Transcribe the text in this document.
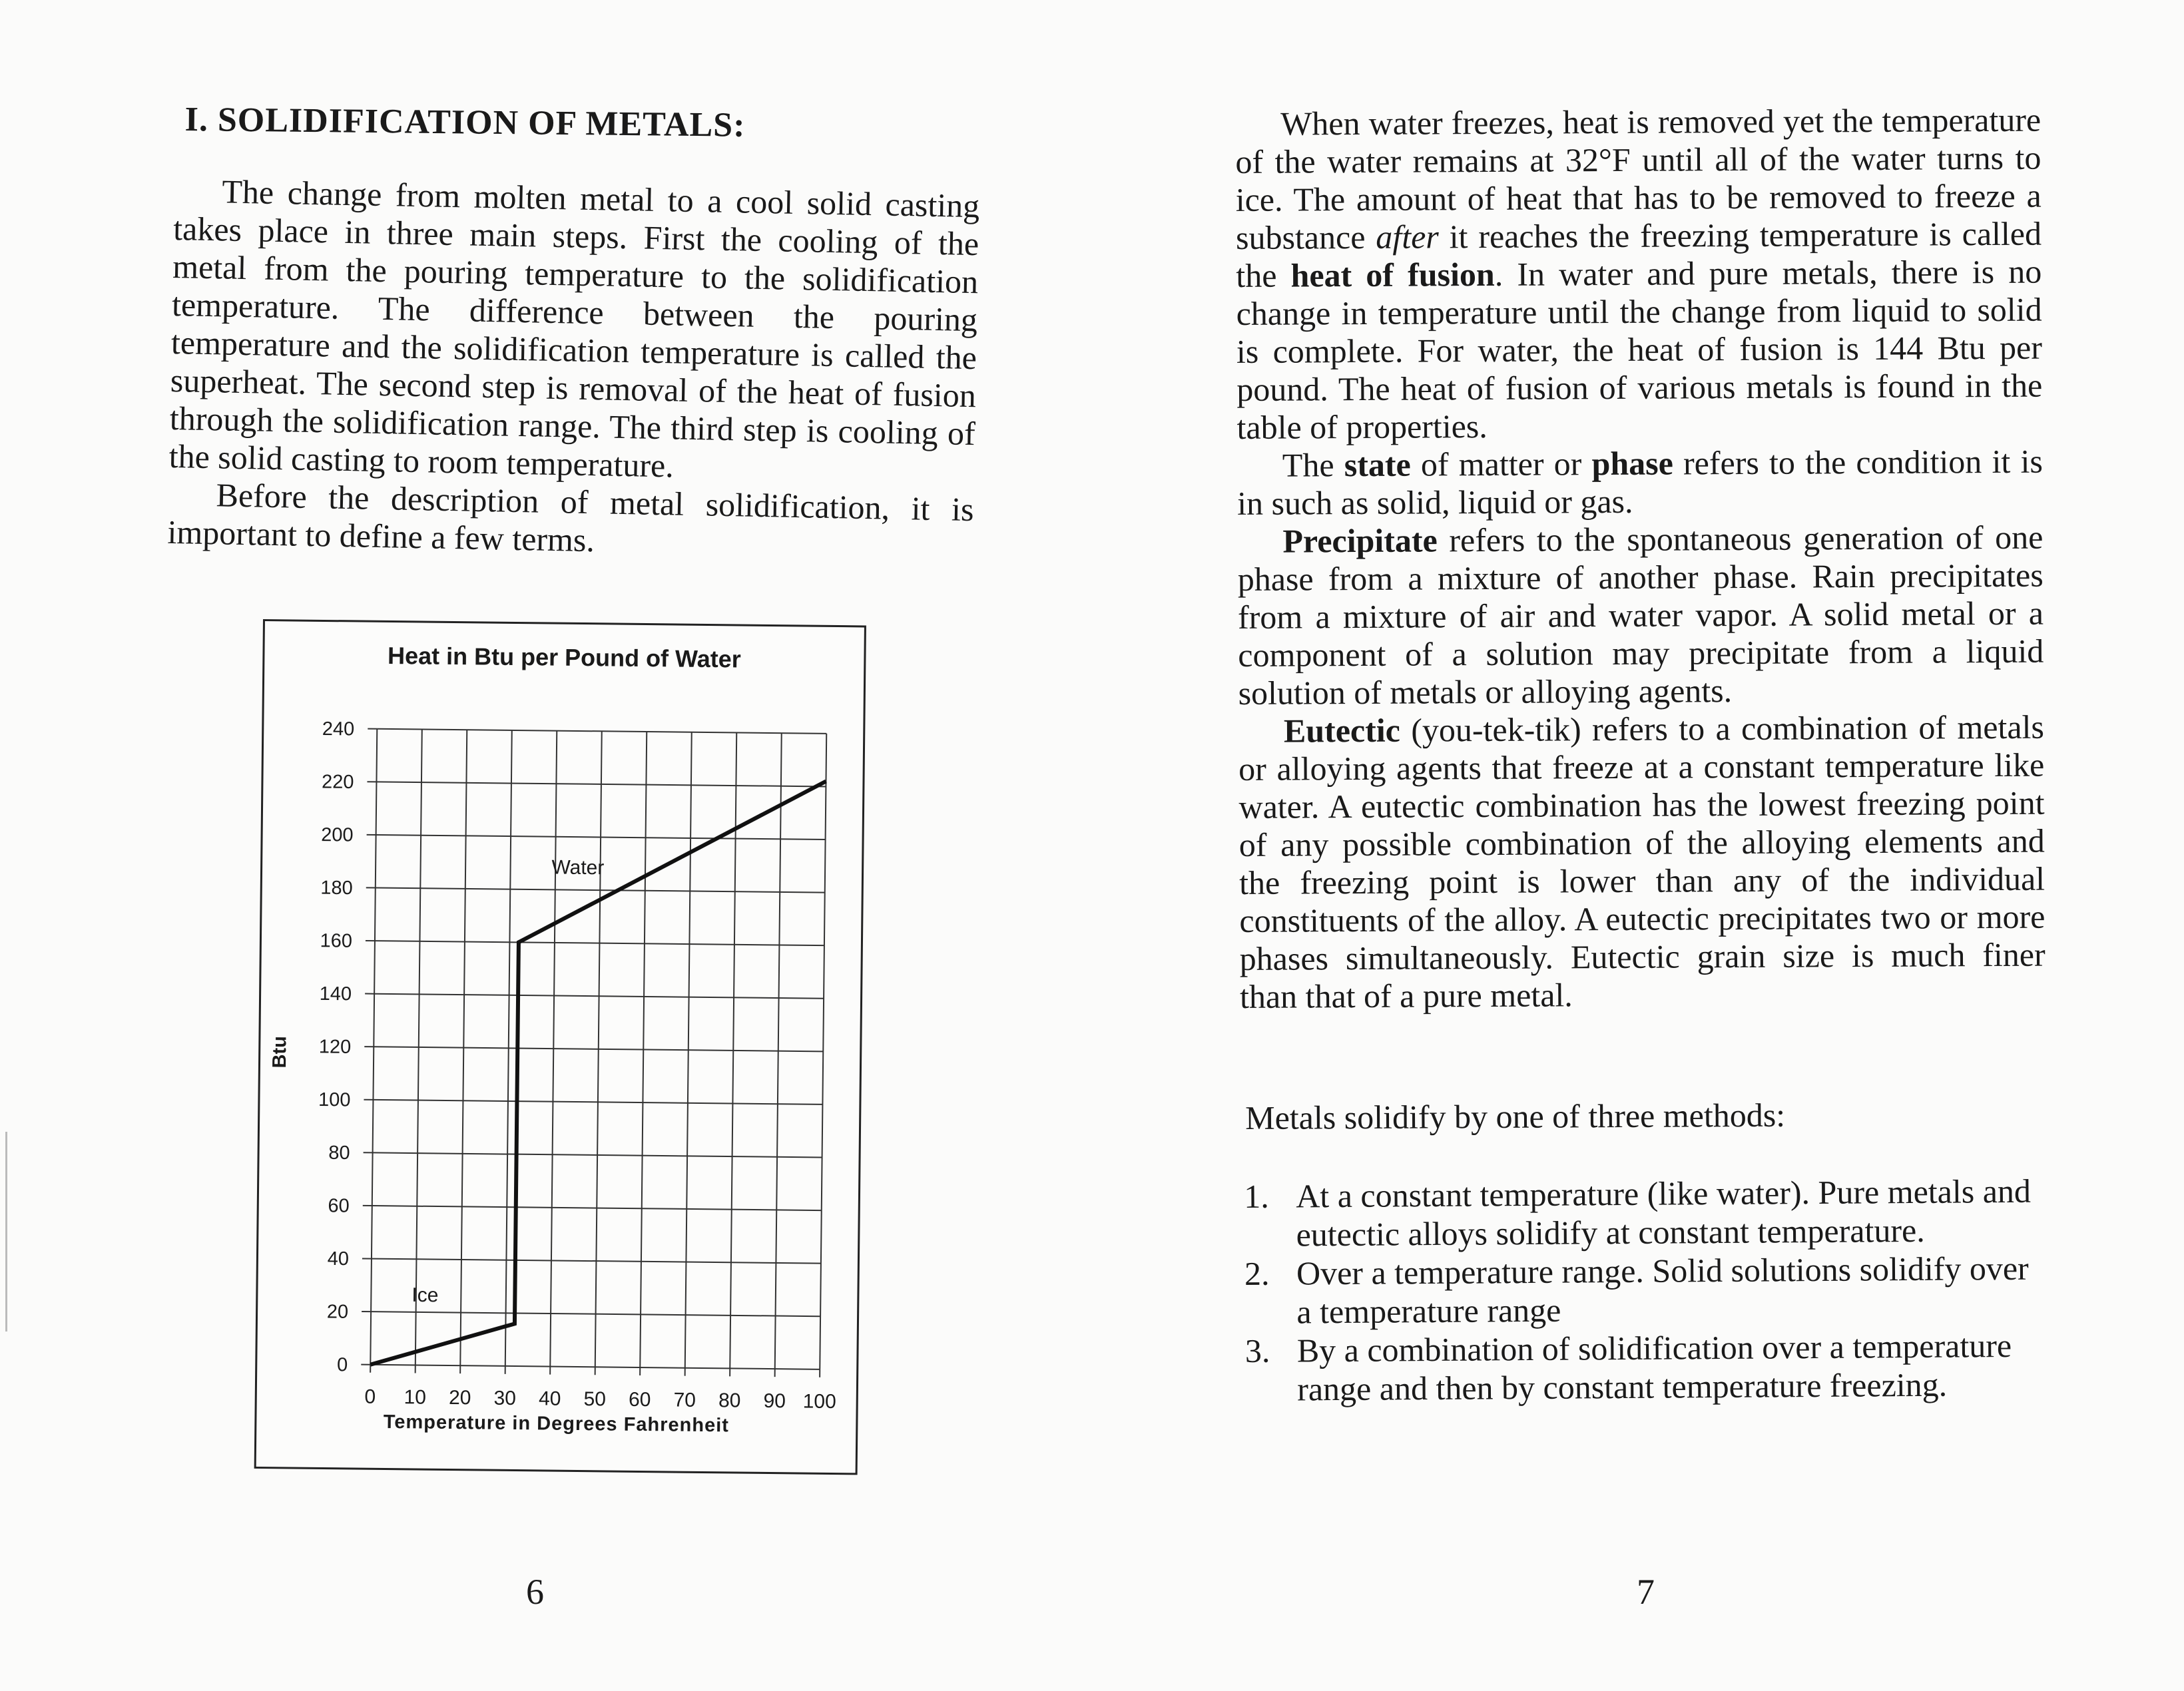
I. SOLIDIFICATION OF METALS:

The change from molten metal to a cool solid casting takes place in three main steps. First the cooling of the metal from the pouring temperature to the solidification temperature. The difference between the pouring temperature and the solidification temperature is called the superheat. The second step is removal of the heat of fusion through the solidification range. The third step is cooling of the solid casting to room temperature.

Before the description of metal solidification, it is important to define a few terms.

Heat in Btu per Pound of Water
Temperature in Degrees Fahrenheit
Btu
0 10 20 30 40 50 60 70 80 90 100
0
20
40
60
80
100
120
140
160
180
200
220
240
Ice
Water
6

When water freezes, heat is removed yet the temperature of the water remains at 32°F until all of the water turns to ice. The amount of heat that has to be removed to freeze a substance after it reaches the freezing temperature is called the heat of fusion. In water and pure metals, there is no change in temperature until the change from liquid to solid is complete. For water, the heat of fusion is 144 Btu per pound. The heat of fusion of various metals is found in the table of properties.

The state of matter or phase refers to the condition it is in such as solid, liquid or gas.

Precipitate refers to the spontaneous generation of one phase from a mixture of another phase. Rain precipitates from a mixture of air and water vapor. A solid metal or a component of a solution may precipitate from a liquid solution of metals or alloying agents.

Eutectic (you-tek-tik) refers to a combination of metals or alloying agents that freeze at a constant temperature like water. A eutectic combination has the lowest freezing point of any possible combination of the alloying elements and the freezing point is lower than any of the individual constituents of the alloy. A eutectic precipitates two or more phases simultaneously. Eutectic grain size is much finer than that of a pure metal.

Metals solidify by one of three methods:

1. At a constant temperature (like water). Pure metals and eutectic alloys solidify at constant temperature.
2. Over a temperature range. Solid solutions solidify over a temperature range
3. By a combination of solidification over a temperature range and then by constant temperature freezing.
7
